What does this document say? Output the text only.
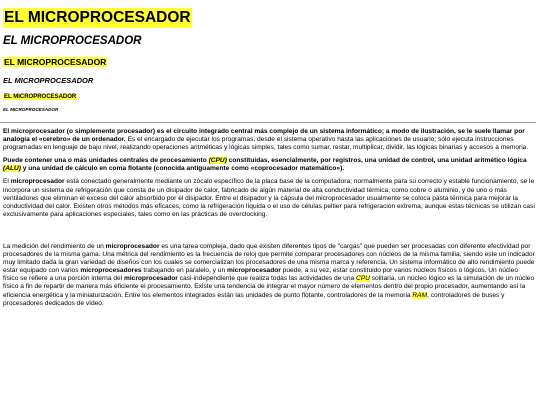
EL MICROPROCESADOR
EL MICROPROCESADOR
EL MICROPROCESADOR
EL MICROPROCESADOR
EL MICROPROCESADOR
EL MICROPROCESADOR

El microprocesador (o simplemente procesador) es el circuito integrado central más complejo de un sistema informático; a modo de ilustración, se le suele llamar por analogía el «cerebro» de un ordenador. Es el encargado de ejecutar los programas, desde el sistema operativo hasta las aplicaciones de usuario; sólo ejecuta instrucciones programadas en lenguaje de bajo nivel, realizando operaciones aritméticas y lógicas simples, tales como sumar, restar, multiplicar, dividir, las lógicas binarias y accesos a memoria.

Puede contener una o más unidades centrales de procesamiento (CPU) constituidas, esencialmente, por registros, una unidad de control, una unidad aritmético lógica (ALU) y una unidad de cálculo en coma flotante (conocida antiguamente como «coprocesador matemático»).

El microprocesador está conectado generalmente mediante un zócalo específico de la placa base de la computadora; normalmente para su correcto y estable funcionamiento, se le incorpora un sistema de refrigeración que consta de un disipador de calor, fabricado de algún material de alta conductividad térmica, como cobre o aluminio, y de uno o más ventiladores que eliminan el exceso del calor absorbido por el disipador. Entre el disipador y la cápsula del microprocesador usualmente se coloca pasta térmica para mejorar la conductividad del calor. Existen otros métodos más eficaces, como la refrigeración líquida o el uso de células peltier para refrigeración extrema, aunque estas técnicas se utilizan casi exclusivamente para aplicaciones especiales, tales como en las prácticas de overclocking.

La medición del rendimiento de un microprocesador es una tarea compleja, dado que existen diferentes tipos de "cargas" que pueden ser procesadas con diferente efectividad por procesadores de la misma gama. Una métrica del rendimiento es la frecuencia de reloj que permite comparar procesadores con núcleos de la misma familia, siendo este un indicador muy limitado dada la gran variedad de diseños con los cuales se comercializan los procesadores de una misma marca y referencia. Un sistema informático de alto rendimiento puede estar equipado con varios microprocesadores trabajando en paralelo, y un microprocesador puede, a su vez, estar constituido por varios núcleos físicos o lógicos. Un núcleo físico se refiere a una porción interna del microprocesador casi-independiente que realiza todas las actividades de una CPU solitaria, un núcleo lógico es la simulación de un núcleo físico a fin de repartir de manera más eficiente el procesamiento. Existe una tendencia de integrar el mayor número de elementos dentro del propio procesador, aumentando así la eficiencia energética y la miniaturización. Entre los elementos integrados están las unidades de punto flotante, controladores de la memoria RAM, controladores de buses y procesadores dedicados de vídeo.
